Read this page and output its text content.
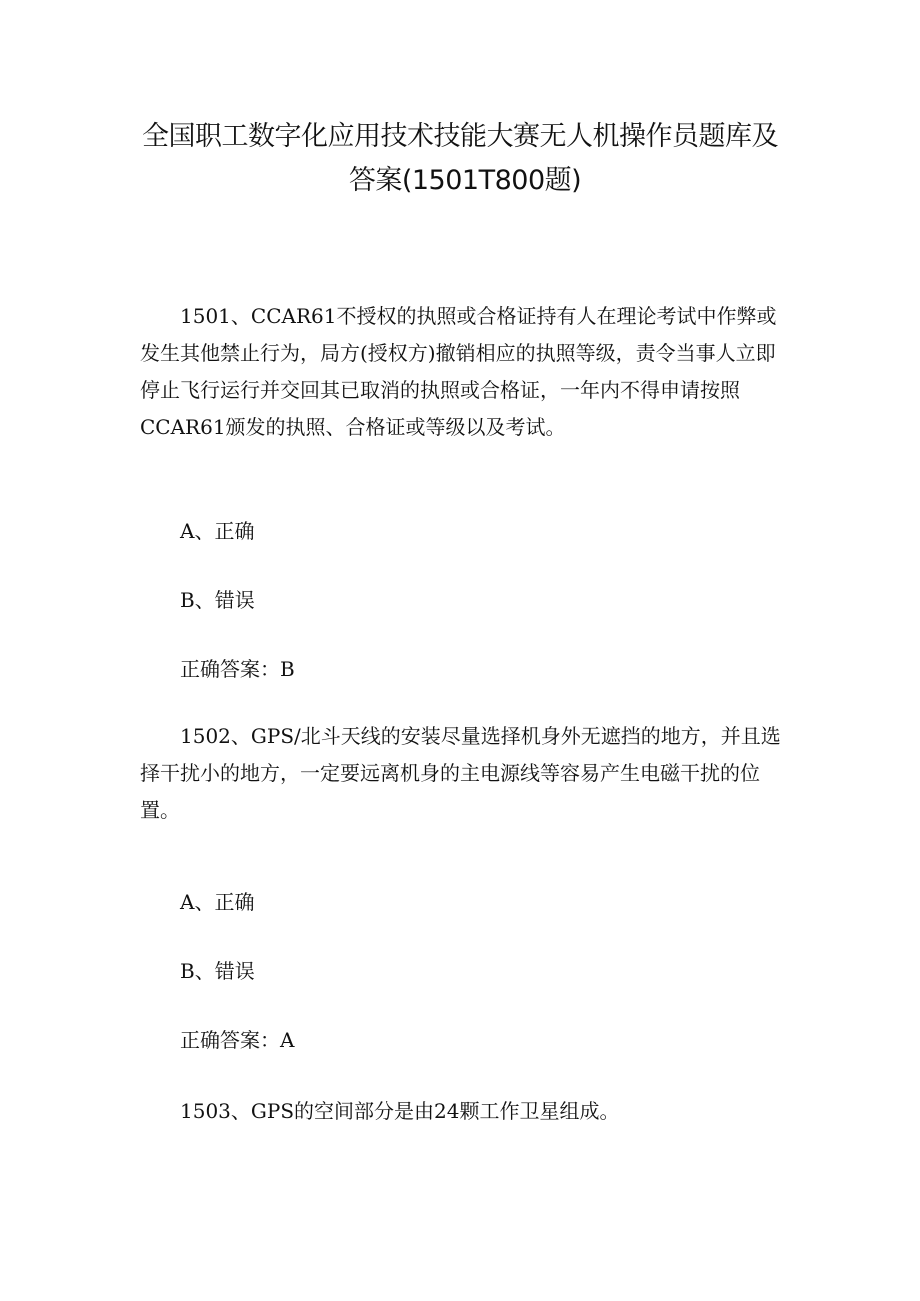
全国职工数字化应用技术技能大赛无人机操作员题库及
答案(1501T800题)

1501、CCAR61不授权的执照或合格证持有人在理论考试中作弊或发生其他禁止行为，局方(授权方)撤销相应的执照等级，责令当事人立即停止飞行运行并交回其已取消的执照或合格证，一年内不得申请按照CCAR61颁发的执照、合格证或等级以及考试。

A、正确

B、错误

正确答案：B

1502、GPS/北斗天线的安装尽量选择机身外无遮挡的地方，并且选择干扰小的地方，一定要远离机身的主电源线等容易产生电磁干扰的位置。

A、正确

B、错误

正确答案：A

1503、GPS的空间部分是由24颗工作卫星组成。
